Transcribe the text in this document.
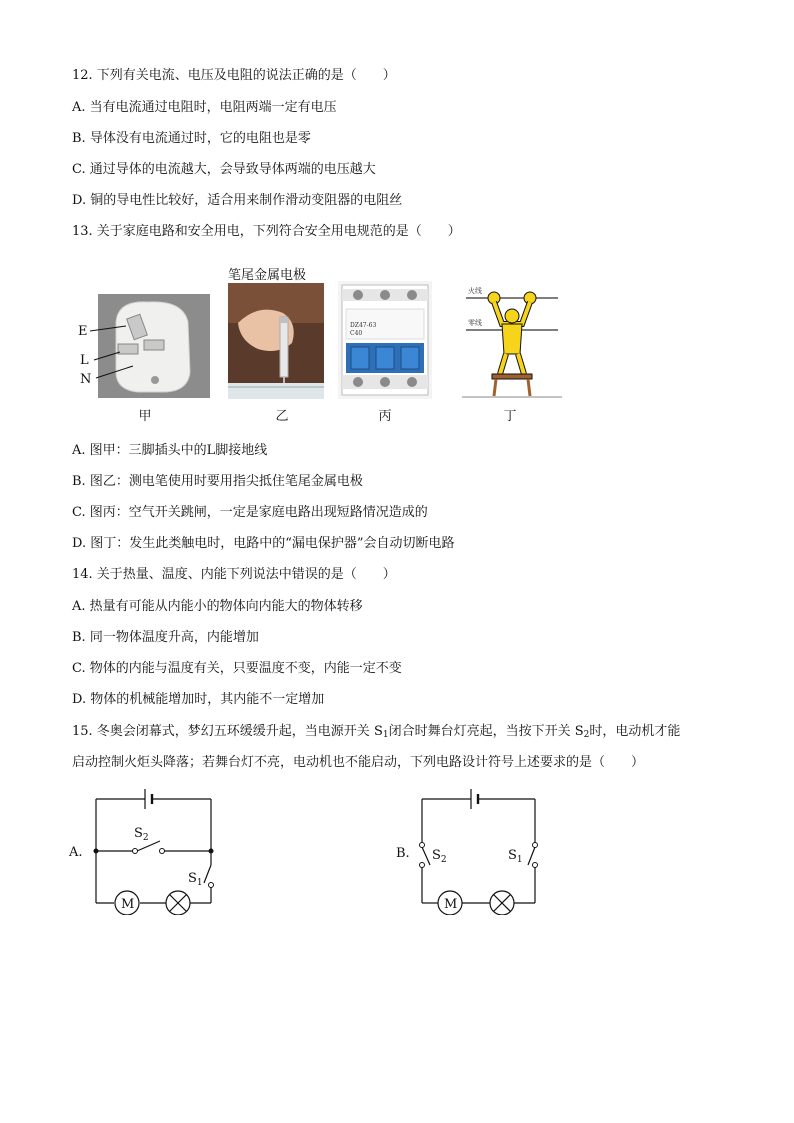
12. 下列有关电流、电压及电阻的说法正确的是（　　）
A. 当有电流通过电阻时，电阻两端一定有电压
B. 导体没有电流通过时，它的电阻也是零
C. 通过导体的电流越大，会导致导体两端的电压越大
D. 铜的导电性比较好，适合用来制作滑动变阻器的电阻丝
13. 关于家庭电路和安全用电，下列符合安全用电规范的是（　　）
E
L
N
甲
笔尾金属电极
乙
DZ47-63
C40
丙
火线
零线
丁
A. 图甲：三脚插头中的L脚接地线
B. 图乙：测电笔使用时要用指尖抵住笔尾金属电极
C. 图丙：空气开关跳闸，一定是家庭电路出现短路情况造成的
D. 图丁：发生此类触电时，电路中的“漏电保护器”会自动切断电路
14. 关于热量、温度、内能下列说法中错误的是（　　）
A. 热量有可能从内能小的物体向内能大的物体转移
B. 同一物体温度升高，内能增加
C. 物体的内能与温度有关，只要温度不变，内能一定不变
D. 物体的机械能增加时，其内能不一定增加
15. 冬奥会闭幕式，梦幻五环缓缓升起，当电源开关 $S_1$闭合时舞台灯亮起，当按下开关 $S_2$时，电动机才能
启动控制火炬头降落；若舞台灯不亮，电动机也不能启动，下列电路设计符号上述要求的是（　　）
A.
$S_2$
$S_1$
M
B. $S_2$	$S_1$
M
